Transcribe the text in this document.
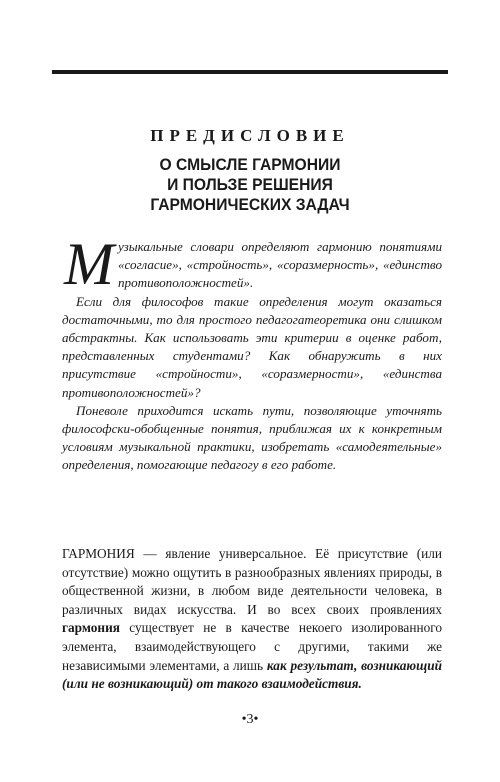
ПРЕДИСЛОВИЕ
О СМЫСЛЕ ГАРМОНИИ
И ПОЛЬЗЕ РЕШЕНИЯ
ГАРМОНИЧЕСКИХ ЗАДАЧ

Музыкальные словари определяют гармонию понятиями «согласие», «стройность», «соразмерность», «единство противоположностей».

Если для философов такие определения могут оказаться достаточными, то для простого педагогатеоретика они слишком абстрактны. Как использовать эти критерии в оценке работ, представленных студентами? Как обнаружить в них присутствие «стройности», «соразмерности», «единства противоположностей»?

Поневоле приходится искать пути, позволяющие уточнять философски-обобщенные понятия, приближая их к конкретным условиям музыкальной практики, изобретать «самодеятельные» определения, помогающие педагогу в его работе.

ГАРМОНИЯ — явление универсальное. Её присутствие (или отсутствие) можно ощутить в разнообразных явлениях природы, в общественной жизни, в любом виде деятельности человека, в различных видах искусства. И во всех своих проявлениях гармония существует не в качестве некоего изолированного элемента, взаимодействующего с другими, такими же независимыми элементами, а лишь как результат, возникающий (или не возникающий) от такого взаимодействия.

•3•
